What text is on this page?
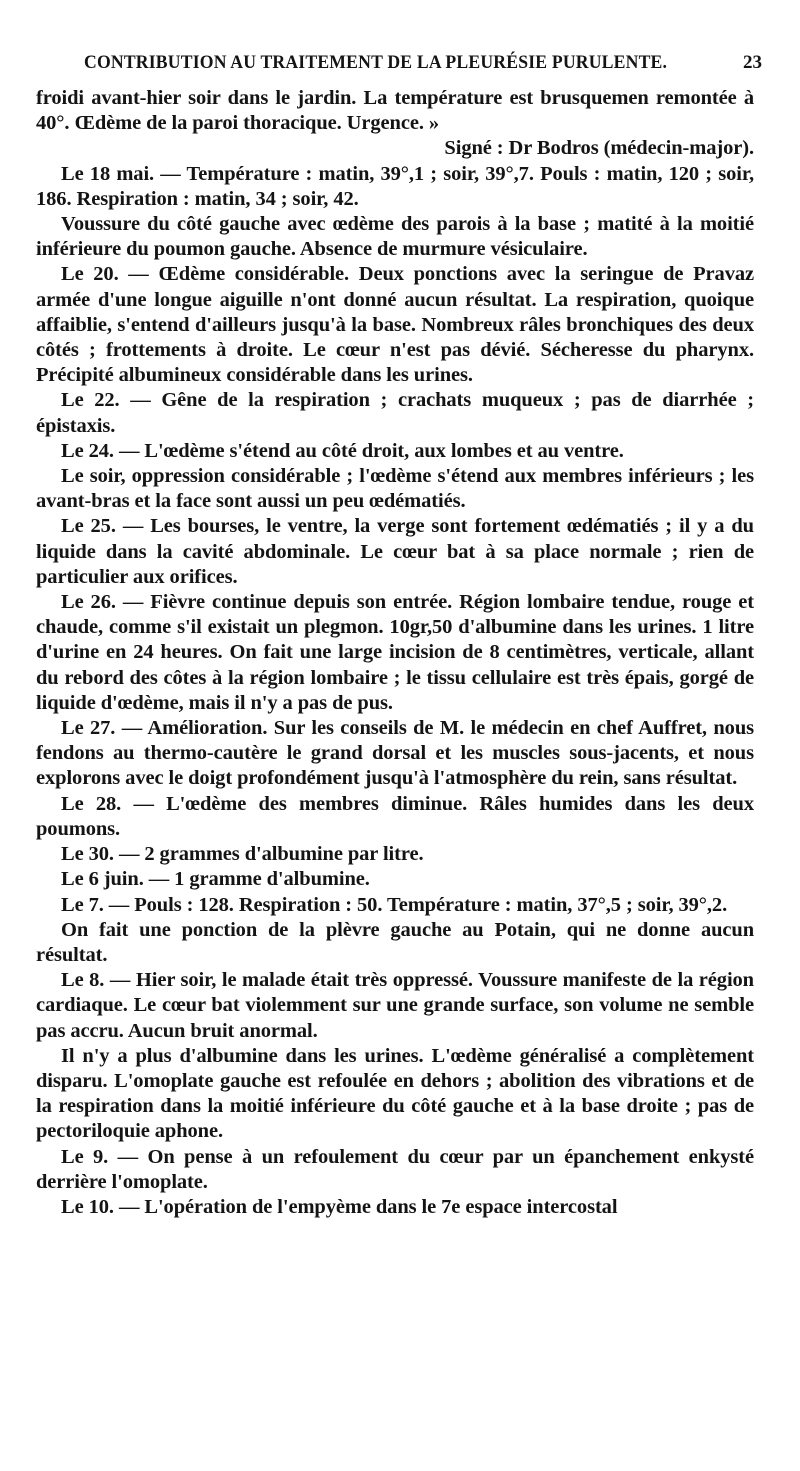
CONTRIBUTION AU TRAITEMENT DE LA PLEURÉSIE PURULENTE.	23

froidi avant-hier soir dans le jardin. La température est brusquemen remontée à 40°. Œdème de la paroi thoracique. Urgence. »

Signé : Dr Bodros (médecin-major).

Le 18 mai. — Température : matin, 39°,1 ; soir, 39°,7. Pouls : matin, 120 ; soir, 186. Respiration : matin, 34 ; soir, 42.

Voussure du côté gauche avec œdème des parois à la base ; matité à la moitié inférieure du poumon gauche. Absence de murmure vésiculaire.

Le 20. — Œdème considérable. Deux ponctions avec la seringue de Pravaz armée d'une longue aiguille n'ont donné aucun résultat. La respiration, quoique affaiblie, s'entend d'ailleurs jusqu'à la base. Nombreux râles bronchiques des deux côtés ; frottements à droite. Le cœur n'est pas dévié. Sécheresse du pharynx. Précipité albumineux considérable dans les urines.

Le 22. — Gêne de la respiration ; crachats muqueux ; pas de diarrhée ; épistaxis.

Le 24. — L'œdème s'étend au côté droit, aux lombes et au ventre.

Le soir, oppression considérable ; l'œdème s'étend aux membres inférieurs ; les avant-bras et la face sont aussi un peu œdématiés.

Le 25. — Les bourses, le ventre, la verge sont fortement œdématiés ; il y a du liquide dans la cavité abdominale. Le cœur bat à sa place normale ; rien de particulier aux orifices.

Le 26. — Fièvre continue depuis son entrée. Région lombaire tendue, rouge et chaude, comme s'il existait un plegmon. 10gr,50 d'albumine dans les urines. 1 litre d'urine en 24 heures. On fait une large incision de 8 centimètres, verticale, allant du rebord des côtes à la région lombaire ; le tissu cellulaire est très épais, gorgé de liquide d'œdème, mais il n'y a pas de pus.

Le 27. — Amélioration. Sur les conseils de M. le médecin en chef Auffret, nous fendons au thermo-cautère le grand dorsal et les muscles sous-jacents, et nous explorons avec le doigt profondément jusqu'à l'atmosphère du rein, sans résultat.

Le 28. — L'œdème des membres diminue. Râles humides dans les deux poumons.

Le 30. — 2 grammes d'albumine par litre.

Le 6 juin. — 1 gramme d'albumine.

Le 7. — Pouls : 128. Respiration : 50. Température : matin, 37°,5 ; soir, 39°,2.

On fait une ponction de la plèvre gauche au Potain, qui ne donne aucun résultat.

Le 8. — Hier soir, le malade était très oppressé. Voussure manifeste de la région cardiaque. Le cœur bat violemment sur une grande surface, son volume ne semble pas accru. Aucun bruit anormal.

Il n'y a plus d'albumine dans les urines. L'œdème généralisé a complètement disparu. L'omoplate gauche est refoulée en dehors ; abolition des vibrations et de la respiration dans la moitié inférieure du côté gauche et à la base droite ; pas de pectoriloquie aphone.

Le 9. — On pense à un refoulement du cœur par un épanchement enkysté derrière l'omoplate.

Le 10. — L'opération de l'empyème dans le 7e espace intercostal
